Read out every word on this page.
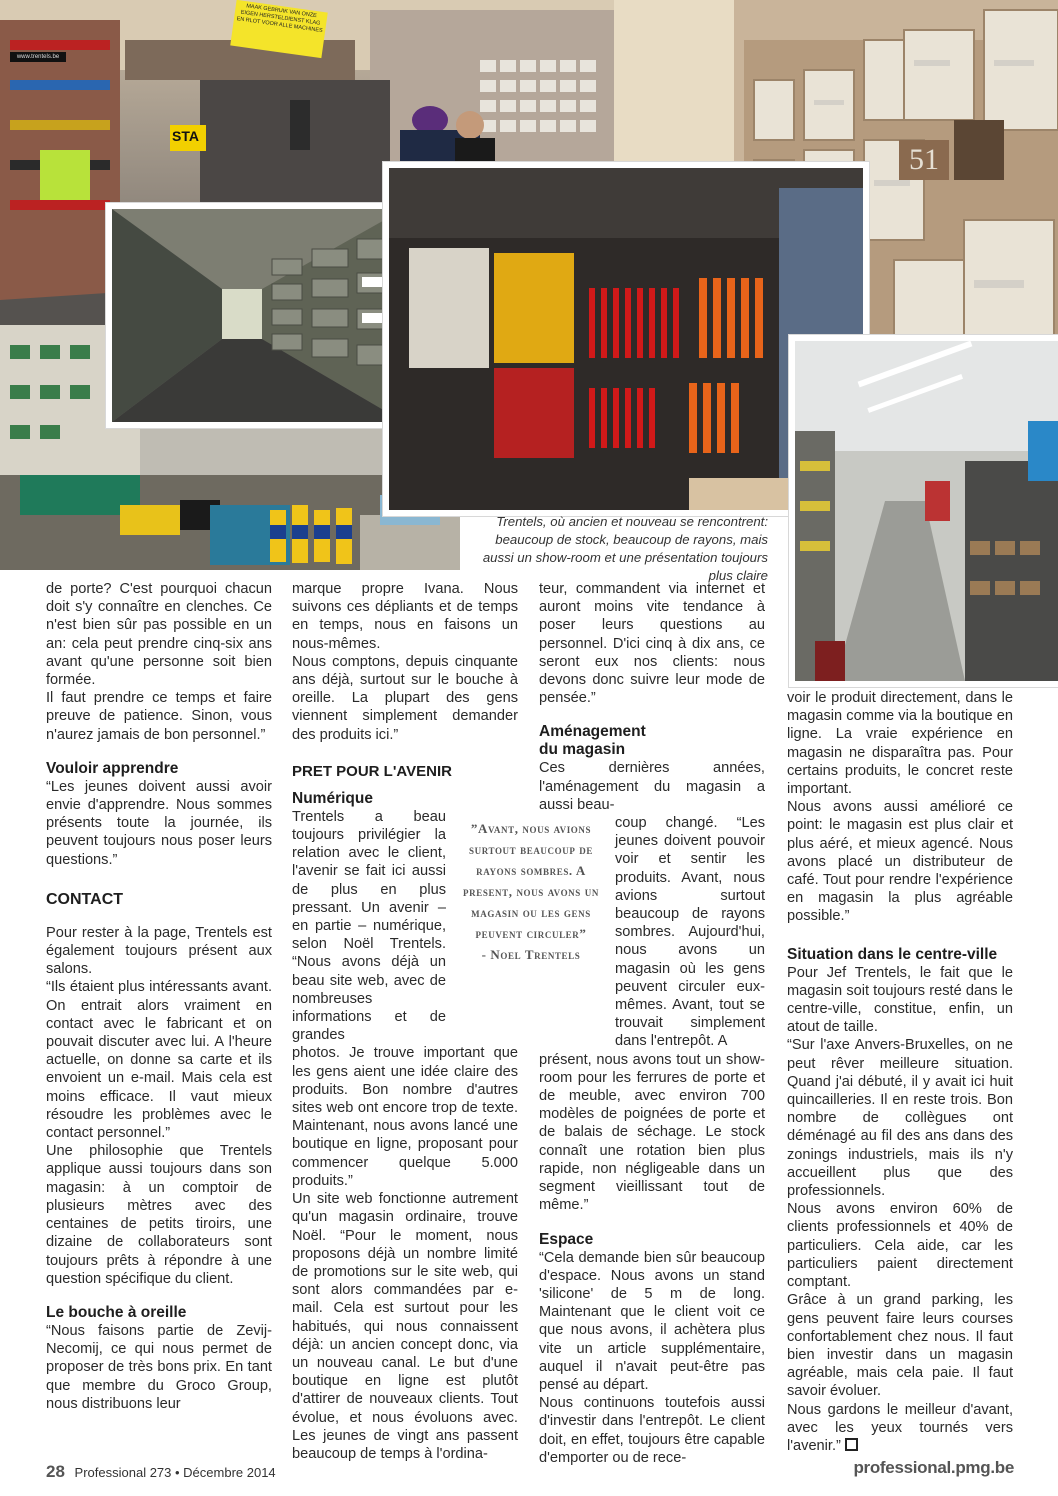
MAAK GEBRUIK VAN ONZE EIGEN HERSTELDIENST KLAG EN RLOT VOOR ALLE MACHINES
www.trentels.be
STA
51
Trentels, où ancien et nouveau se rencontrent: beaucoup de stock, beaucoup de rayons, mais aussi un show-room et une présentation toujours plus claire

de porte? C'est pourquoi chacun doit s'y connaître en clenches. Ce n'est bien sûr pas possible en un an: cela peut prendre cinq-six ans avant qu'une personne soit bien formée.

Il faut prendre ce temps et faire preuve de patience. Sinon, vous n'aurez jamais de bon personnel.”

Vouloir apprendre

“Les jeunes doivent aussi avoir envie d'apprendre. Nous sommes présents toute la journée, ils peuvent toujours nous poser leurs questions.”

CONTACT

Pour rester à la page, Trentels est également toujours présent aux salons.

“Ils étaient plus intéressants avant. On entrait alors vraiment en contact avec le fabricant et on pouvait discuter avec lui. A l'heure actuelle, on donne sa carte et ils envoient un e-mail. Mais cela est moins efficace. Il vaut mieux résoudre les problèmes avec le contact personnel.”

Une philosophie que Trentels applique aussi toujours dans son magasin: à un comptoir de plusieurs mètres avec des centaines de petits tiroirs, une dizaine de collaborateurs sont toujours prêts à répondre à une question spécifique du client.

Le bouche à oreille

“Nous faisons partie de Zevij-Necomij, ce qui nous permet de proposer de très bons prix. En tant que membre du Groco Group, nous distribuons leur

marque propre Ivana. Nous suivons ces dépliants et de temps en temps, nous en faisons un nous-mêmes.

Nous comptons, depuis cinquante ans déjà, surtout sur le bouche à oreille. La plupart des gens viennent simplement demander des produits ici.”

PRET POUR L'AVENIR
Numérique

Trentels a beau toujours privilégier la relation avec le client, l'avenir se fait ici aussi de plus en plus pressant. Un avenir – en partie – numérique, selon Noël Trentels. “Nous avons déjà un beau site web, avec de nombreuses informations et de grandes

photos. Je trouve important que les gens aient une idée claire des produits. Bon nombre d'autres sites web ont encore trop de texte. Maintenant, nous avons lancé une boutique en ligne, proposant pour commencer quelque 5.000 produits.”

Un site web fonctionne autrement qu'un magasin ordinaire, trouve Noël. “Pour le moment, nous proposons déjà un nombre limité de promotions sur le site web, qui sont alors commandées par e-mail. Cela est surtout pour les habitués, qui nous connaissent déjà: un ancien concept donc, via un nouveau canal. Le but d'une boutique en ligne est plutôt d'attirer de nouveaux clients. Tout évolue, et nous évoluons avec. Les jeunes de vingt ans passent beaucoup de temps à l'ordina-

”Avant, nous avions surtout beaucoup de rayons sombres. A present, nous avons un magasin ou les gens peuvent circuler”
- Noel Trentels

teur, commandent via internet et auront moins vite tendance à poser leurs questions au personnel. D'ici cinq à dix ans, ce seront eux nos clients: nous devons donc suivre leur mode de pensée.”

Aménagement
du magasin

Ces dernières années, l'aménagement du magasin a aussi beau-

coup changé. “Les jeunes doivent pouvoir voir et sentir les produits. Avant, nous avions surtout beaucoup de rayons sombres. Aujourd'hui, nous avons un magasin où les gens peuvent circuler eux-mêmes. Avant, tout se trouvait simplement dans l'entrepôt. A

présent, nous avons tout un show-room pour les ferrures de porte et de meuble, avec environ 700 modèles de poignées de porte et de balais de séchage. Le stock connaît une rotation bien plus rapide, non négligeable dans un segment vieillissant tout de même.”

Espace

“Cela demande bien sûr beaucoup d'espace. Nous avons un stand 'silicone' de 5 m de long. Maintenant que le client voit ce que nous avons, il achètera plus vite un article supplémentaire, auquel il n'avait peut-être pas pensé au départ.

Nous continuons toutefois aussi d'investir dans l'entrepôt. Le client doit, en effet, toujours être capable d'emporter ou de rece-

voir le produit directement, dans le magasin comme via la boutique en ligne. La vraie expérience en magasin ne disparaîtra pas. Pour certains produits, le concret reste important.

Nous avons aussi amélioré ce point: le magasin est plus clair et plus aéré, et mieux agencé. Nous avons placé un distributeur de café. Tout pour rendre l'expérience en magasin la plus agréable possible.”

Situation dans le centre-ville

Pour Jef Trentels, le fait que le magasin soit toujours resté dans le centre-ville, constitue, enfin, un atout de taille.

“Sur l'axe Anvers-Bruxelles, on ne peut rêver meilleure situation. Quand j'ai débuté, il y avait ici huit quincailleries. Il en reste trois. Bon nombre de collègues ont déménagé au fil des ans dans des zonings industriels, mais ils n'y accueillent plus que des professionnels.

Nous avons environ 60% de clients professionnels et 40% de particuliers. Cela aide, car les particuliers paient directement comptant.

Grâce à un grand parking, les gens peuvent faire leurs courses confortablement chez nous. Il faut bien investir dans un magasin agréable, mais cela paie. Il faut savoir évoluer.

Nous gardons le meilleur d'avant, avec les yeux tournés vers l'avenir.”

28 Professional 273 • Décembre 2014	professional.pmg.be
